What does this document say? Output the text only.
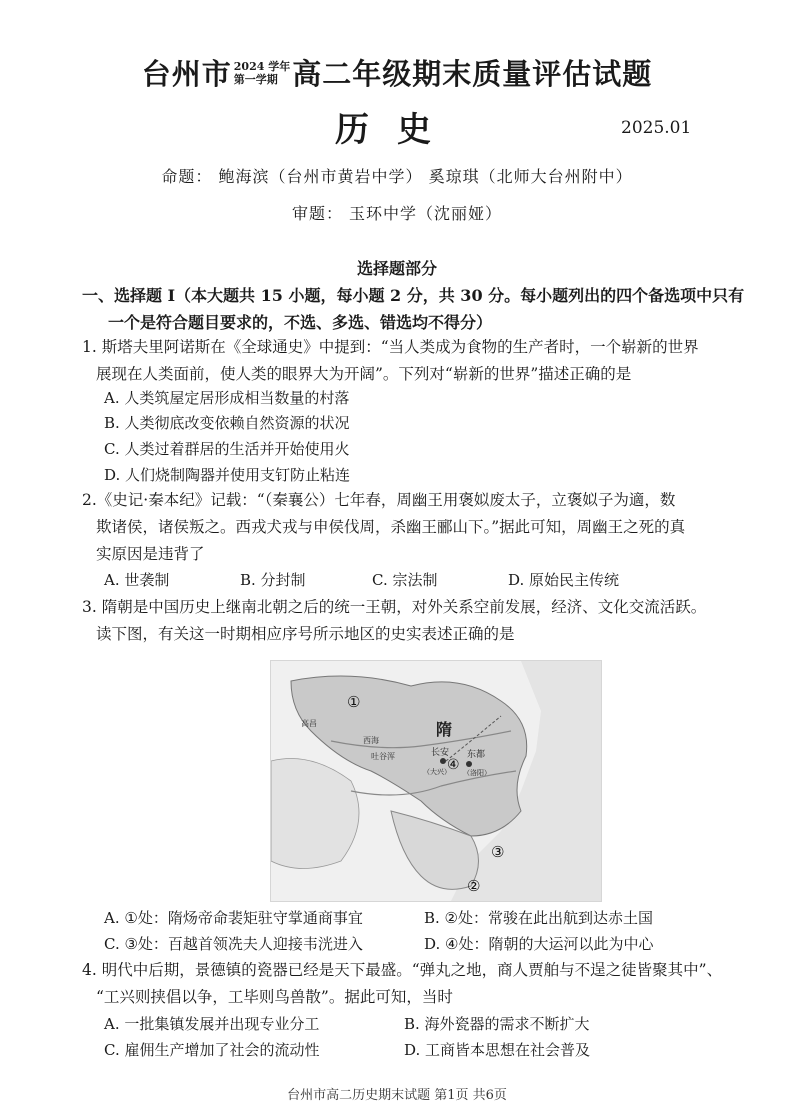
台州市 2024 学年
第一学期 高二年级期末质量评估试题
历史	2025.01
命题： 鲍海滨（台州市黄岩中学） 奚琼琪（北师大台州附中）
审题： 玉环中学（沈丽娅）
选择题部分
一、选择题 I（本大题共 15 小题，每小题 2 分，共 30 分。每小题列出的四个备选项中只有
一个是符合题目要求的，不选、多选、错选均不得分）
1. 斯塔夫里阿诺斯在《全球通史》中提到：“当人类成为食物的生产者时，一个崭新的世界
展现在人类面前，使人类的眼界大为开阔”。下列对“崭新的世界”描述正确的是
A. 人类筑屋定居形成相当数量的村落
B. 人类彻底改变依赖自然资源的状况
C. 人类过着群居的生活并开始使用火
D. 人们烧制陶器并使用支钉防止粘连
2.《史记·秦本纪》记载：“（秦襄公）七年春，周幽王用褒姒废太子，立褒姒子为適，数
欺诸侯，诸侯叛之。西戎犬戎与申侯伐周，杀幽王郦山下。”据此可知，周幽王之死的真
实原因是违背了
A. 世袭制	B. 分封制	C. 宗法制	D. 原始民主传统
3. 隋朝是中国历史上继南北朝之后的统一王朝，对外关系空前发展，经济、文化交流活跃。
读下图，有关这一时期相应序号所示地区的史实表述正确的是
隋
长安
（大兴）
东都
（洛阳）
西海
高昌
吐谷浑
①
②
③
④
A. ①处：隋炀帝命裴矩驻守掌通商事宜	B. ②处：常骏在此出航到达赤土国
C. ③处：百越首领冼夫人迎接韦洸进入	D. ④处：隋朝的大运河以此为中心
4. 明代中后期，景德镇的瓷器已经是天下最盛。“弹丸之地，商人贾舶与不逞之徒皆聚其中”、
“工兴则挟倡以争，工毕则鸟兽散”。据此可知，当时
A. 一批集镇发展并出现专业分工	B. 海外瓷器的需求不断扩大
C. 雇佣生产增加了社会的流动性	D. 工商皆本思想在社会普及
台州市高二历史期末试题 第1页 共6页
